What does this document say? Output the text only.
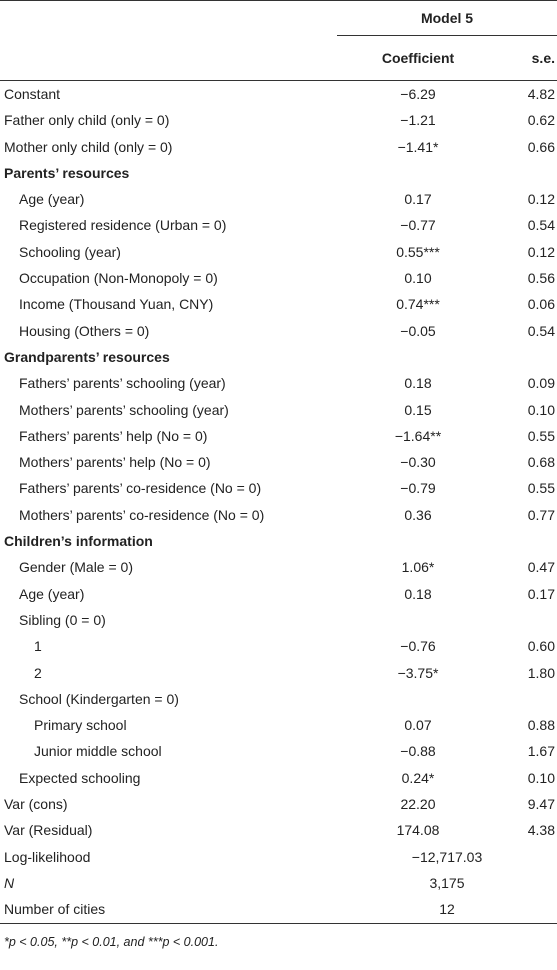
	Model 5	
	Coefficient	s.e.
Constant	−6.29	4.82
Father only child (only = 0)	−1.21	0.62
Mother only child (only = 0)	−1.41*	0.66
Parents’ resources		
Age (year)	0.17	0.12
Registered residence (Urban = 0)	−0.77	0.54
Schooling (year)	0.55***	0.12
Occupation (Non-Monopoly = 0)	0.10	0.56
Income (Thousand Yuan, CNY)	0.74***	0.06
Housing (Others = 0)	−0.05	0.54
Grandparents’ resources		
Fathers’ parents’ schooling (year)	0.18	0.09
Mothers’ parents’ schooling (year)	0.15	0.10
Fathers’ parents’ help (No = 0)	−1.64**	0.55
Mothers’ parents’ help (No = 0)	−0.30	0.68
Fathers’ parents’ co-residence (No = 0)	−0.79	0.55
Mothers’ parents’ co-residence (No = 0)	0.36	0.77
Children’s information		
Gender (Male = 0)	1.06*	0.47
Age (year)	0.18	0.17
Sibling (0 = 0)		
1	−0.76	0.60
2	−3.75*	1.80
School (Kindergarten = 0)		
Primary school	0.07	0.88
Junior middle school	−0.88	1.67
Expected schooling	0.24*	0.10
Var (cons)	22.20	9.47
Var (Residual)	174.08	4.38
Log-likelihood	−12,717.03	
N	3,175	
Number of cities	12	
*p < 0.05, **p < 0.01, and ***p < 0.001.
